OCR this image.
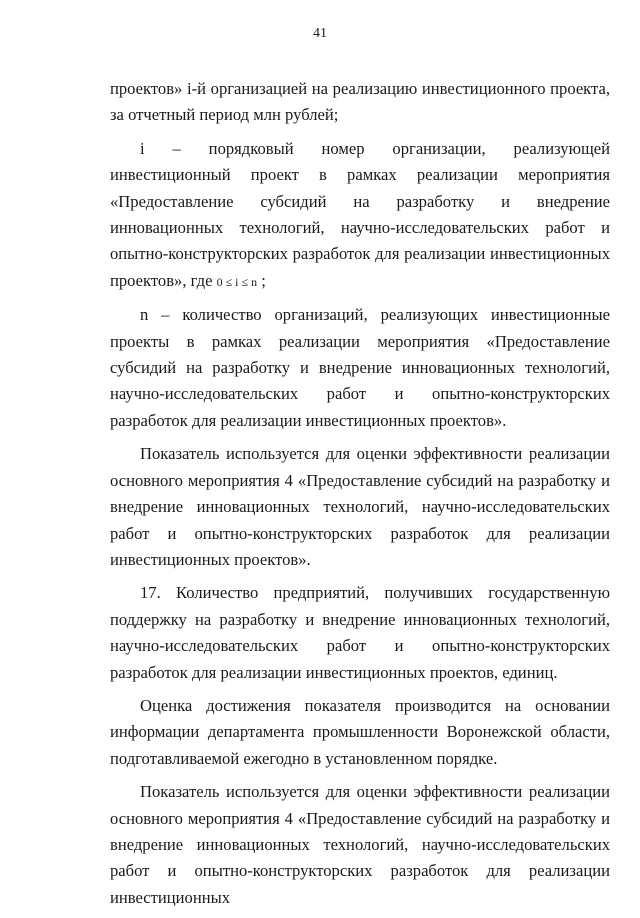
41

проектов» i-й организацией на реализацию инвестиционного проекта, за отчетный период млн рублей;

i – порядковый номер организации, реализующей инвестиционный проект в рамках реализации мероприятия «Предоставление субсидий на разработку и внедрение инновационных технологий, научно-исследовательских работ и опытно-конструкторских разработок для реализации инвестиционных проектов», где 0 ≤ i ≤ n ;

n – количество организаций, реализующих инвестиционные проекты в рамках реализации мероприятия «Предоставление субсидий на разработку и внедрение инновационных технологий, научно-исследовательских работ и опытно-конструкторских разработок для реализации инвестиционных проектов».

Показатель используется для оценки эффективности реализации основного мероприятия 4 «Предоставление субсидий на разработку и внедрение инновационных технологий, научно-исследовательских работ и опытно-конструкторских разработок для реализации инвестиционных проектов».

17. Количество предприятий, получивших государственную поддержку на разработку и внедрение инновационных технологий, научно-исследовательских работ и опытно-конструкторских разработок для реализации инвестиционных проектов, единиц.

Оценка достижения показателя производится на основании информации департамента промышленности Воронежской области, подготавливаемой ежегодно в установленном порядке.

Показатель используется для оценки эффективности реализации основного мероприятия 4 «Предоставление субсидий на разработку и внедрение инновационных технологий, научно-исследовательских работ и опытно-конструкторских разработок для реализации инвестиционных
